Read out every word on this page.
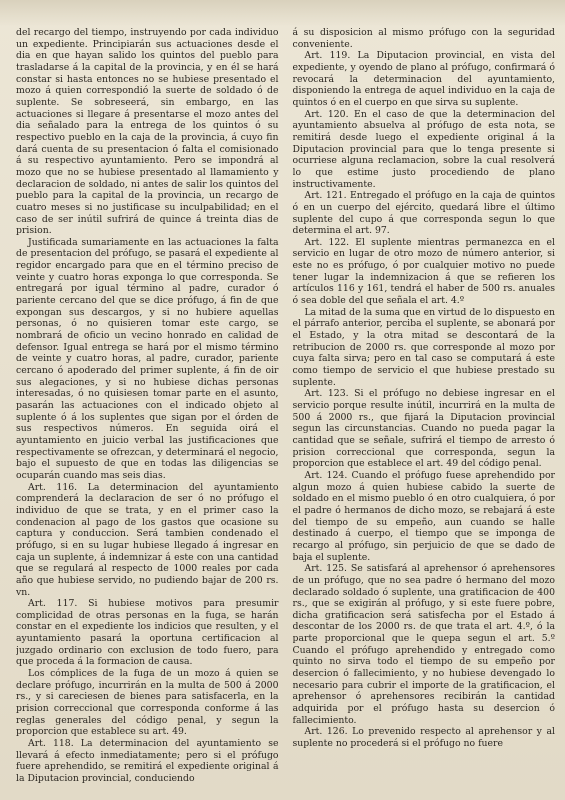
del recargo del tiempo, instruyendo por cada individuo un expediente. Principiarán sus actuaciones desde el dia en que hayan salido los quintos del pueblo para trasladarse á la capital de la provincia, y en él se hará constar si hasta entonces no se hubiese presentado el mozo á quien correspondió la suerte de soldado ó de suplente. Se sobreseerá, sin embargo, en las actuaciones si llegare á presentarse el mozo antes del dia señalado para la entrega de los quintos ó su respectivo pueblo en la caja de la provincia, á cuyo fin dará cuenta de su presentacion ó falta el comisionado á su respectivo ayuntamiento. Pero se impondrá al mozo que no se hubiese presentado al llamamiento y declaracion de soldado, ni antes de salir los quintos del pueblo para la capital de la provincia, un recargo de cuatro meses si no justificase su inculpabilidad; en el caso de ser inútil sufrirá de quince á treinta dias de prision.

Justificada sumariamente en las actuaciones la falta de presentacion del prófugo, se pasará el expediente al regidor encargado para que en el término preciso de veinte y cuatro horas exponga lo que corresponda. Se entregará por igual término al padre, curador ó pariente cercano del que se dice prófugo, á fin de que expongan sus descargos, y si no hubiere aquellas personas, ó no quisieren tomar este cargo, se nombrará de oficio un vecino honrado en calidad de defensor. Igual entrega se hará por el mismo término de veinte y cuatro horas, al padre, curador, pariente cercano ó apoderado del primer suplente, á fin de oir sus alegaciones, y si no hubiese dichas personas interesadas, ó no quisiesen tomar parte en el asunto, pasarán las actuaciones con el indicado objeto al suplente ó á los suplentes que sigan por el órden de sus respectivos números. En seguida oirá el ayuntamiento en juicio verbal las justificaciones que respectivamente se ofrezcan, y determinará el negocio, bajo el supuesto de que en todas las diligencias se ocuparán cuando mas seis dias.

Art. 116. La determinacion del ayuntamiento comprenderá la declaracion de ser ó no prófugo el individuo de que se trata, y en el primer caso la condenacion al pago de los gastos que ocasione su captura y conduccion. Será tambien condenado el prófugo, si en su lugar hubiese llegado á ingresar en caja un suplente, á indemnizar á este con una cantidad que se regulará al respecto de 1000 reales por cada año que hubiese servido, no pudiendo bajar de 200 rs. vn.

Art. 117. Si hubiese motivos para presumir complicidad de otras personas en la fuga, se harán constar en el expediente los indicios que resulten, y el ayuntamiento pasará la oportuna certificacion al juzgado ordinario con exclusion de todo fuero, para que proceda á la formacion de causa.

Los cómplices de la fuga de un mozo á quien se declare prófugo, incurrirán en la multa de 500 á 2000 rs., y si careciesen de bienes para satisfacerla, en la prision correccional que corresponda conforme á las reglas generales del código penal, y segun la proporcion que establece su art. 49.

Art. 118. La determinacion del ayuntamiento se llevará á efecto inmediatamente; pero si el prófugo fuere aprehendido, se remitirá el expediente original á la Diputacion provincial, conduciendo

á su disposicion al mismo prófugo con la seguridad conveniente.

Art. 119. La Diputacion provincial, en vista del expediente, y oyendo de plano al prófugo, confirmará ó revocará la determinacion del ayuntamiento, disponiendo la entrega de aquel individuo en la caja de quintos ó en el cuerpo en que sirva su suplente.

Art. 120. En el caso de que la determinacion del ayuntamiento absuelva al prófugo de esta nota, se remitirá desde luego el expediente original á la Diputacion provincial para que lo tenga presente si ocurriese alguna reclamacion, sobre la cual resolverá lo que estime justo procediendo de plano instructivamente.

Art. 121. Entregado el prófugo en la caja de quintos ó en un cuerpo del ejército, quedará libre el último suplente del cupo á que corresponda segun lo que determina el art. 97.

Art. 122. El suplente mientras permanezca en el servicio en lugar de otro mozo de número anterior, si este no es prófugo, ó por cualquier motivo no puede tener lugar la indemnizacion á que se refieren los artículos 116 y 161, tendrá el haber de 500 rs. anuales ó sea doble del que señala el art. 4.º

La mitad de la suma que en virtud de lo dispuesto en el párrafo anterior, perciba el suplente, se abonará por el Estado, y la otra mitad se descontará de la retribucion de 2000 rs. que corresponde al mozo por cuya falta sirva; pero en tal caso se computará á este como tiempo de servicio el que hubiese prestado su suplente.

Art. 123. Si el prófugo no debiese ingresar en el servicio porque resulte inútil, incurrirá en la multa de 500 á 2000 rs., que fijará la Diputacion provincial segun las circunstancias. Cuando no pueda pagar la cantidad que se señale, sufrirá el tiempo de arresto ó prision correccional que corresponda, segun la proporcion que establece el art. 49 del código penal.

Art. 124. Cuando el prófugo fuese aprehendido por algun mozo á quien hubiese cabido la suerte de soldado en el mismo pueblo ó en otro cualquiera, ó por el padre ó hermanos de dicho mozo, se rebajará á este del tiempo de su empeño, aun cuando se halle destinado á cuerpo, el tiempo que se imponga de recargo al prófugo, sin perjuicio de que se dado de baja el suplente.

Art. 125. Se satisfará al aprehensor ó aprehensores de un prófugo, que no sea padre ó hermano del mozo declarado soldado ó suplente, una gratificacion de 400 rs., que se exigirán al prófugo, y si este fuere pobre, dicha gratificacion será satisfecha por el Estado á descontar de los 2000 rs. de que trata el art. 4.º, ó la parte proporcional que le quepa segun el art. 5.º Cuando el prófugo aprehendido y entregado como quinto no sirva todo el tiempo de su empeño por desercion ó fallecimiento, y no hubiese devengado lo necesario para cubrir el importe de la gratificacion, el aprehensor ó aprehensores recibirán la cantidad adquirida por el prófugo hasta su desercion ó fallecimiento.

Art. 126. Lo prevenido respecto al aprehensor y al suplente no procederá si el prófugo no fuere
